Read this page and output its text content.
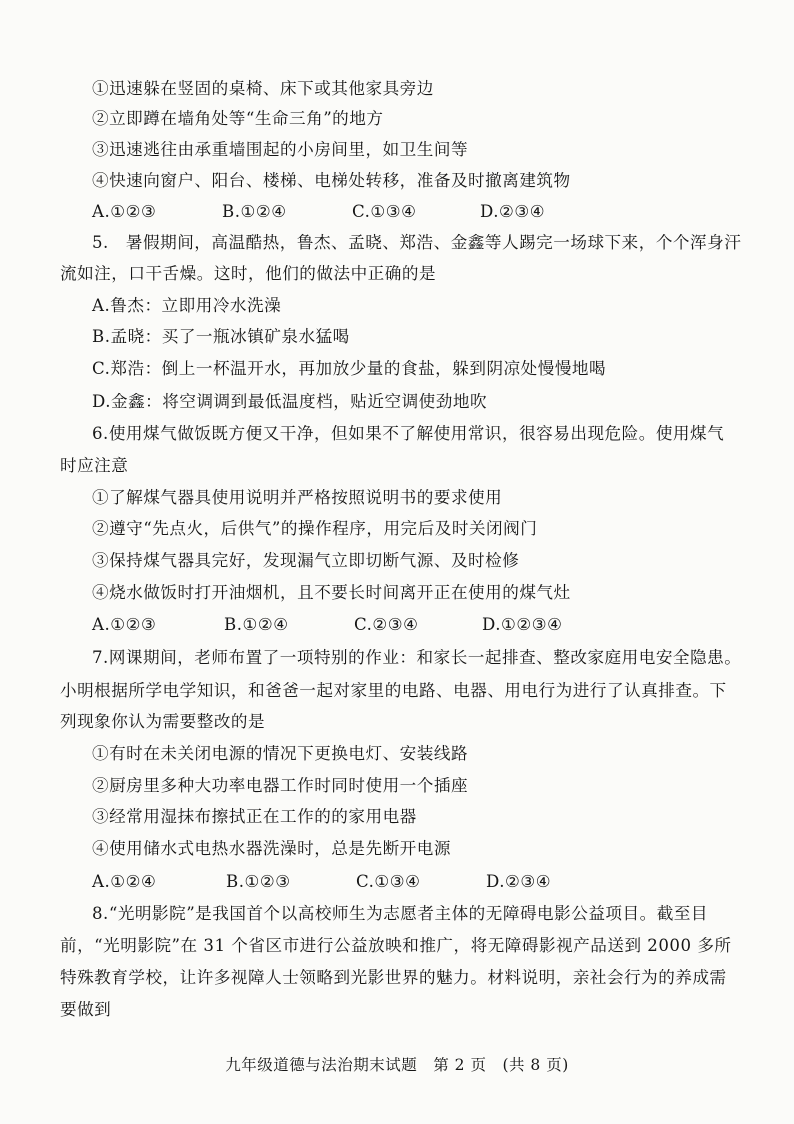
①迅速躲在竖固的桌椅、床下或其他家具旁边

②立即蹲在墙角处等“生命三角”的地方

③迅速逃往由承重墙围起的小房间里，如卫生间等

④快速向窗户、阳台、楼梯、电梯处转移，准备及时撤离建筑物

A.①②③	B.①②④	C.①③④	D.②③④

5.　暑假期间，高温酷热，鲁杰、孟晓、郑浩、金鑫等人踢完一场球下来，个个浑身汗

流如注，口干舌燥。这时，他们的做法中正确的是

A.鲁杰：立即用冷水洗澡

B.孟晓：买了一瓶冰镇矿泉水猛喝

C.郑浩：倒上一杯温开水，再加放少量的食盐，躲到阴凉处慢慢地喝

D.金鑫：将空调调到最低温度档，贴近空调使劲地吹

6.使用煤气做饭既方便又干净，但如果不了解使用常识，很容易出现危险。使用煤气

时应注意

①了解煤气器具使用说明并严格按照说明书的要求使用

②遵守“先点火，后供气”的操作程序，用完后及时关闭阀门

③保持煤气器具完好，发现漏气立即切断气源、及时检修

④烧水做饭时打开油烟机，且不要长时间离开正在使用的煤气灶

A.①②③	B.①②④	C.②③④	D.①②③④

7.网课期间，老师布置了一项特别的作业：和家长一起排查、整改家庭用电安全隐患。

小明根据所学电学知识，和爸爸一起对家里的电路、电器、用电行为进行了认真排查。下

列现象你认为需要整改的是

①有时在未关闭电源的情况下更换电灯、安装线路

②厨房里多种大功率电器工作时同时使用一个插座

③经常用湿抹布擦拭正在工作的的家用电器

④使用储水式电热水器洗澡时，总是先断开电源

A.①②④	B.①②③	C.①③④	D.②③④

8.“光明影院”是我国首个以高校师生为志愿者主体的无障碍电影公益项目。截至目

前，“光明影院”在 31 个省区市进行公益放映和推广，将无障碍影视产品送到 2000 多所

特殊教育学校，让许多视障人士领略到光影世界的魅力。材料说明，亲社会行为的养成需

要做到

九年级道德与法治期末试题　第 2 页　(共 8 页)
